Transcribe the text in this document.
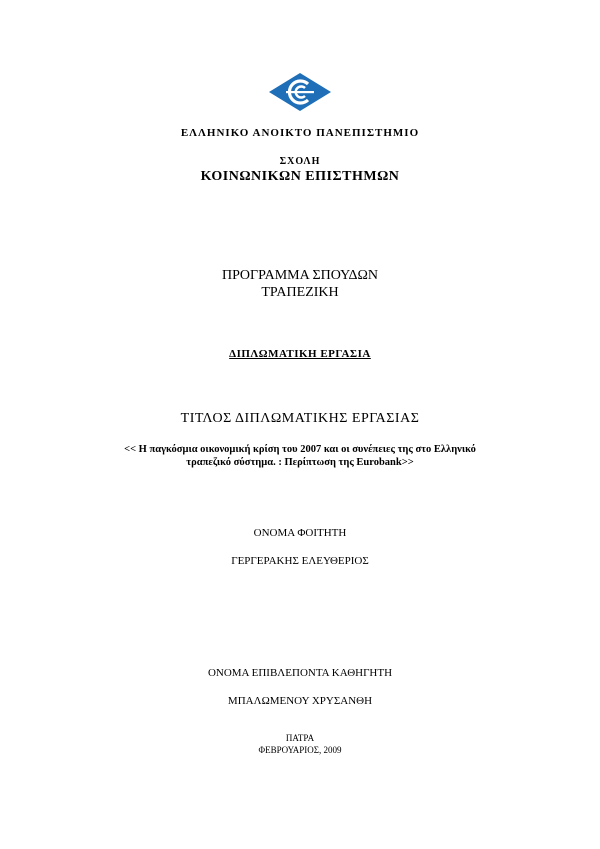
ΕΛΛΗΝΙΚΟ ΑΝΟΙΚΤΟ ΠΑΝΕΠΙΣΤΗΜΙΟ
ΣΧΟΛΗ
ΚΟΙΝΩΝΙΚΩΝ ΕΠΙΣΤΗΜΩΝ
ΠΡΟΓΡΑΜΜΑ ΣΠΟΥΔΩΝ
ΤΡΑΠΕΖΙΚΗ
ΔΙΠΛΩΜΑΤΙΚΗ ΕΡΓΑΣΙΑ
ΤΙΤΛΟΣ ΔΙΠΛΩΜΑΤΙΚΗΣ ΕΡΓΑΣΙΑΣ
<< Η παγκόσμια οικονομική κρίση του 2007 και οι συνέπειες της στο Ελληνικό
τραπεζικό σύστημα. : Περίπτωση της Eurobank>>
ΟΝΟΜΑ ΦΟΙΤΗΤΗ
ΓΕΡΓΕΡΑΚΗΣ ΕΛΕΥΘΕΡΙΟΣ
ΟΝΟΜΑ ΕΠΙΒΛΕΠΟΝΤΑ ΚΑΘΗΓΗΤΗ
ΜΠΑΛΩΜΕΝΟΥ ΧΡΥΣΑΝΘΗ
ΠΑΤΡΑ
ΦΕΒΡΟΥΑΡΙΟΣ, 2009
